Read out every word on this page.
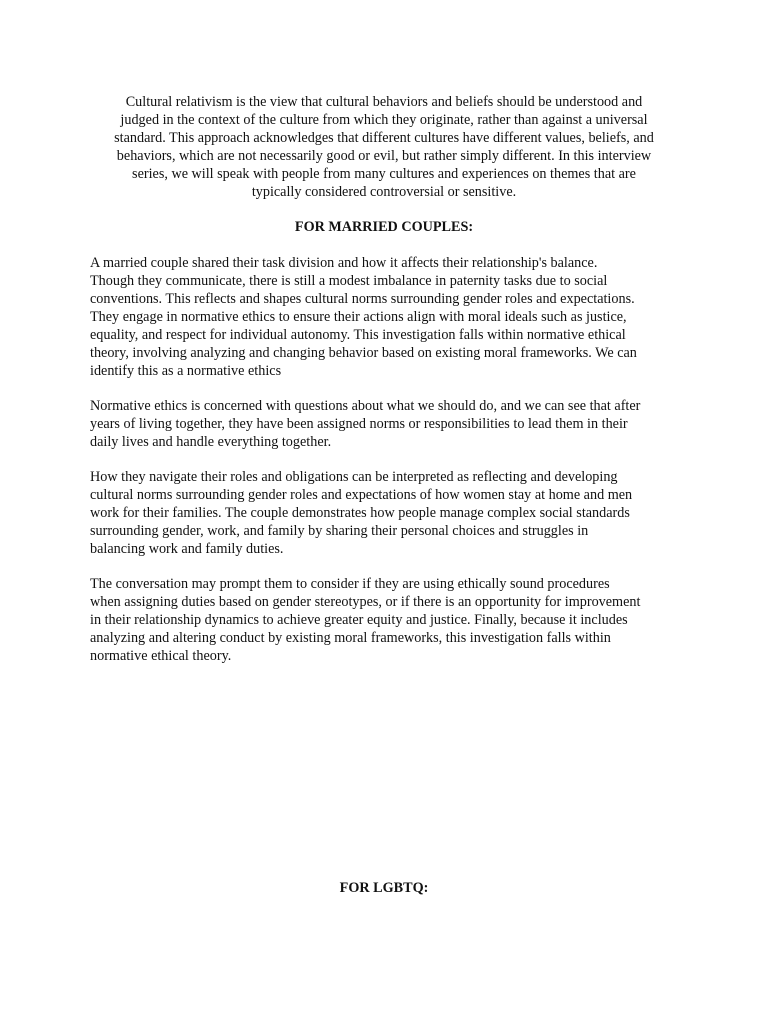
Cultural relativism is the view that cultural behaviors and beliefs should be understood and
judged in the context of the culture from which they originate, rather than against a universal
standard. This approach acknowledges that different cultures have different values, beliefs, and
behaviors, which are not necessarily good or evil, but rather simply different. In this interview
series, we will speak with people from many cultures and experiences on themes that are
typically considered controversial or sensitive.

FOR MARRIED COUPLES:

A married couple shared their task division and how it affects their relationship's balance.
Though they communicate, there is still a modest imbalance in paternity tasks due to social
conventions. This reflects and shapes cultural norms surrounding gender roles and expectations.
They engage in normative ethics to ensure their actions align with moral ideals such as justice,
equality, and respect for individual autonomy. This investigation falls within normative ethical
theory, involving analyzing and changing behavior based on existing moral frameworks. We can
identify this as a normative ethics

Normative ethics is concerned with questions about what we should do, and we can see that after
years of living together, they have been assigned norms or responsibilities to lead them in their
daily lives and handle everything together.

How they navigate their roles and obligations can be interpreted as reflecting and developing
cultural norms surrounding gender roles and expectations of how women stay at home and men
work for their families. The couple demonstrates how people manage complex social standards
surrounding gender, work, and family by sharing their personal choices and struggles in
balancing work and family duties.

The conversation may prompt them to consider if they are using ethically sound procedures
when assigning duties based on gender stereotypes, or if there is an opportunity for improvement
in their relationship dynamics to achieve greater equity and justice. Finally, because it includes
analyzing and altering conduct by existing moral frameworks, this investigation falls within
normative ethical theory.

FOR LGBTQ:
